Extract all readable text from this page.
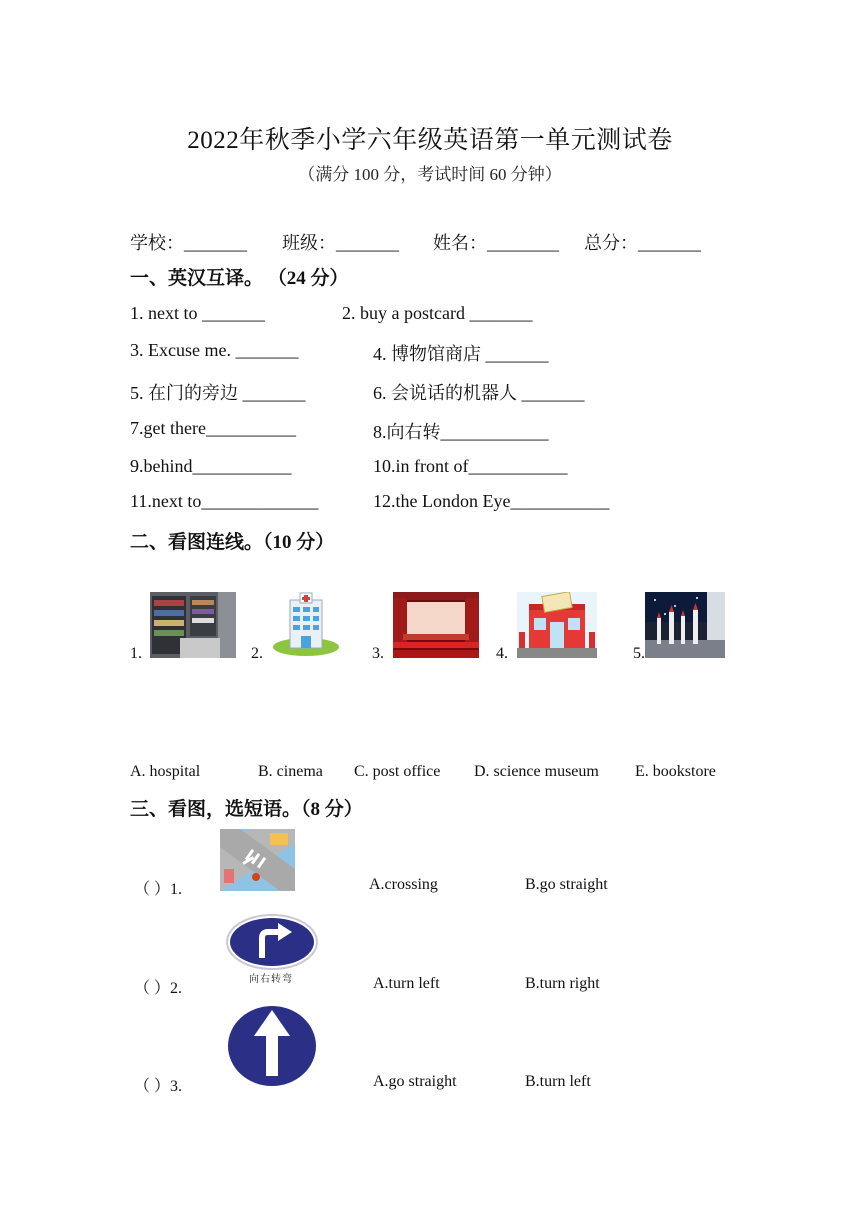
2022年秋季小学六年级英语第一单元测试卷
（满分 100 分，考试时间 60 分钟）
学校：_______ 班级：_______ 姓名：________ 总分：_______
一、英汉互译。 （24 分）
1. next to _______	2. buy a postcard _______
3. Excuse me. _______	4. 博物馆商店 _______
5. 在门的旁边 _______	6. 会说话的机器人 _______
7.get there__________	8.向右转____________
9.behind___________	10.in front of___________
11.next to_____________	12.the London Eye___________
二、看图连线。（10 分）
1.	2.	3.	4.	5.
A. hospital	B. cinema C. post office D. science museum E. bookstore
三、看图，选短语。（8 分）
（ ）1.	A.crossing	B.go straight
（ ）2.
向右转弯	A.turn left	B.turn right
（ ）3.	A.go straight	B.turn left
